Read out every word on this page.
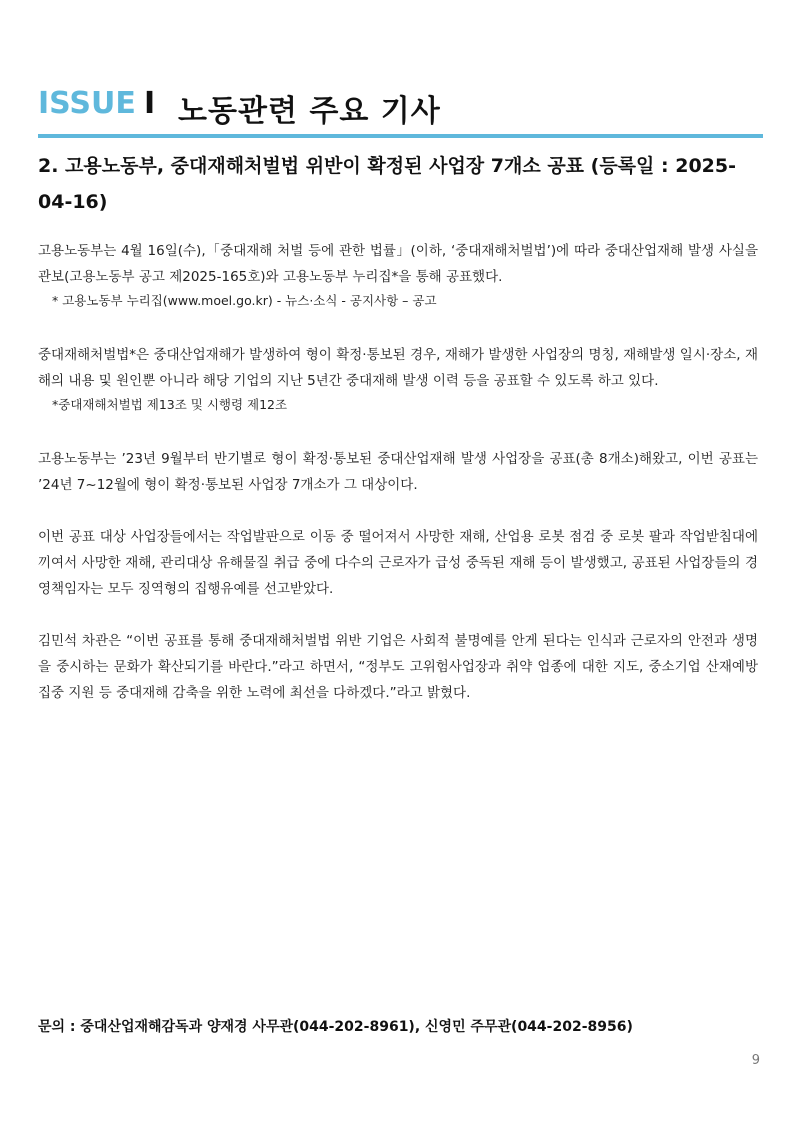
ISSUE I 노동관련 주요 기사
2. 고용노동부, 중대재해처벌법 위반이 확정된 사업장 7개소 공표 (등록일 : 2025-04-16)

고용노동부는 4월 16일(수),「중대재해 처벌 등에 관한 법률」(이하, ‘중대재해처벌법’)에 따라 중대산업재해 발생 사실을 관보(고용노동부 공고 제2025-165호)와 고용노동부 누리집*을 통해 공표했다.

* 고용노동부 누리집(www.moel.go.kr) - 뉴스·소식 - 공지사항 – 공고

중대재해처벌법*은 중대산업재해가 발생하여 형이 확정·통보된 경우, 재해가 발생한 사업장의 명칭, 재해발생 일시·장소, 재해의 내용 및 원인뿐 아니라 해당 기업의 지난 5년간 중대재해 발생 이력 등을 공표할 수 있도록 하고 있다.

*중대재해처벌법 제13조 및 시행령 제12조

고용노동부는 ’23년 9월부터 반기별로 형이 확정·통보된 중대산업재해 발생 사업장을 공표(총 8개소)해왔고, 이번 공표는 ’24년 7~12월에 형이 확정·통보된 사업장 7개소가 그 대상이다.

이번 공표 대상 사업장들에서는 작업발판으로 이동 중 떨어져서 사망한 재해, 산업용 로봇 점검 중 로봇 팔과 작업받침대에 끼여서 사망한 재해, 관리대상 유해물질 취급 중에 다수의 근로자가 급성 중독된 재해 등이 발생했고, 공표된 사업장들의 경영책임자는 모두 징역형의 집행유예를 선고받았다.

김민석 차관은 “이번 공표를 통해 중대재해처벌법 위반 기업은 사회적 불명예를 안게 된다는 인식과 근로자의 안전과 생명을 중시하는 문화가 확산되기를 바란다.”라고 하면서, “정부도 고위험사업장과 취약 업종에 대한 지도, 중소기업 산재예방 집중 지원 등 중대재해 감축을 위한 노력에 최선을 다하겠다.”라고 밝혔다.

문의 : 중대산업재해감독과 양재경 사무관(044-202-8961), 신영민 주무관(044-202-8956)
9
